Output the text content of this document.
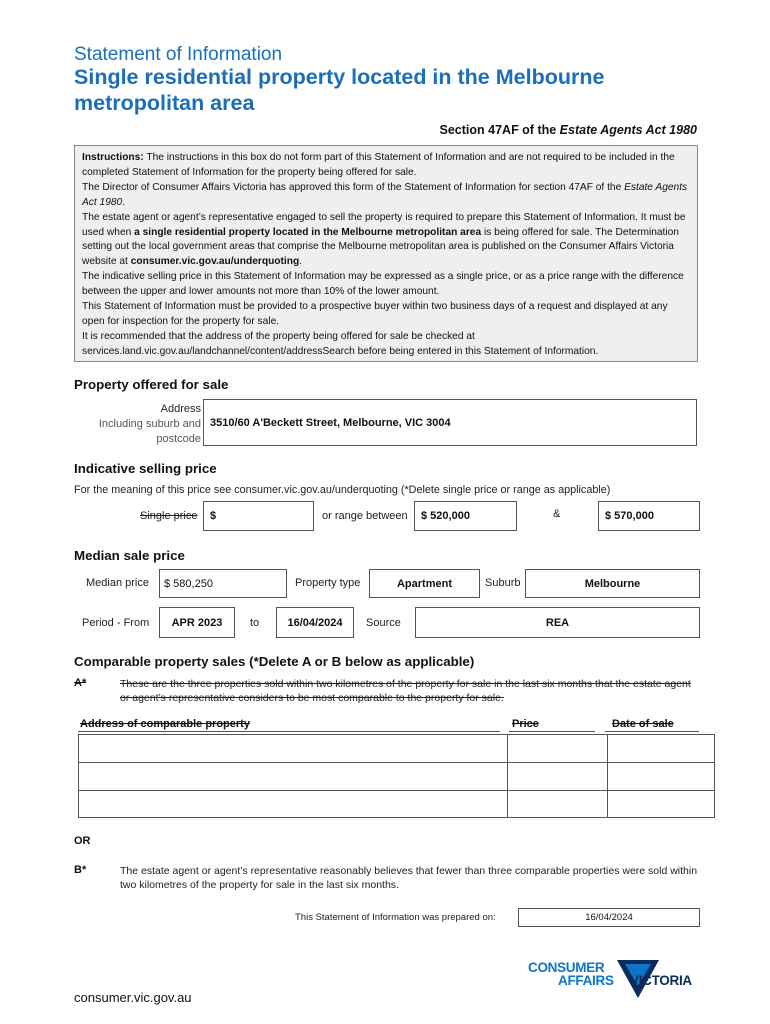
Statement of Information
Single residential property located in the Melbourne metropolitan area
Section 47AF of the Estate Agents Act 1980

Instructions: The instructions in this box do not form part of this Statement of Information and are not required to be included in the completed Statement of Information for the property being offered for sale.

The Director of Consumer Affairs Victoria has approved this form of the Statement of Information for section 47AF of the Estate Agents Act 1980.

The estate agent or agent’s representative engaged to sell the property is required to prepare this Statement of Information. It must be used when a single residential property located in the Melbourne metropolitan area is being offered for sale. The Determination setting out the local government areas that comprise the Melbourne metropolitan area is published on the Consumer Affairs Victoria website at consumer.vic.gov.au/underquoting.

The indicative selling price in this Statement of Information may be expressed as a single price, or as a price range with the difference between the upper and lower amounts not more than 10% of the lower amount.

This Statement of Information must be provided to a prospective buyer within two business days of a request and displayed at any open for inspection for the property for sale.

It is recommended that the address of the property being offered for sale be checked at services.land.vic.gov.au/landchannel/content/addressSearch before being entered in this Statement of Information.

Property offered for sale
Address
Including suburb and
postcode
3510/60 A'Beckett Street, Melbourne, VIC 3004
Indicative selling price
For the meaning of this price see consumer.vic.gov.au/underquoting (*Delete single price or range as applicable)
Single price	$	or range between	$ 520,000	&	$ 570,000
Median sale price
Median price $ 580,250	Property type	Apartment	Suburb	Melbourne
Period - From	APR 2023	to	16/04/2024	Source	REA
Comparable property sales (*Delete A or B below as applicable)
A*	These are the three properties sold within two kilometres of the property for sale in the last six months that the estate agent or agent’s representative considers to be most comparable to the property for sale.
Address of comparable property	Price	Date of sale
OR
B*	The estate agent or agent’s representative reasonably believes that fewer than three comparable properties were sold within two kilometres of the property for sale in the last six months.
This Statement of Information was prepared on:	16/04/2024
CONSUMER
AFFAIRS VICTORIA
consumer.vic.gov.au
